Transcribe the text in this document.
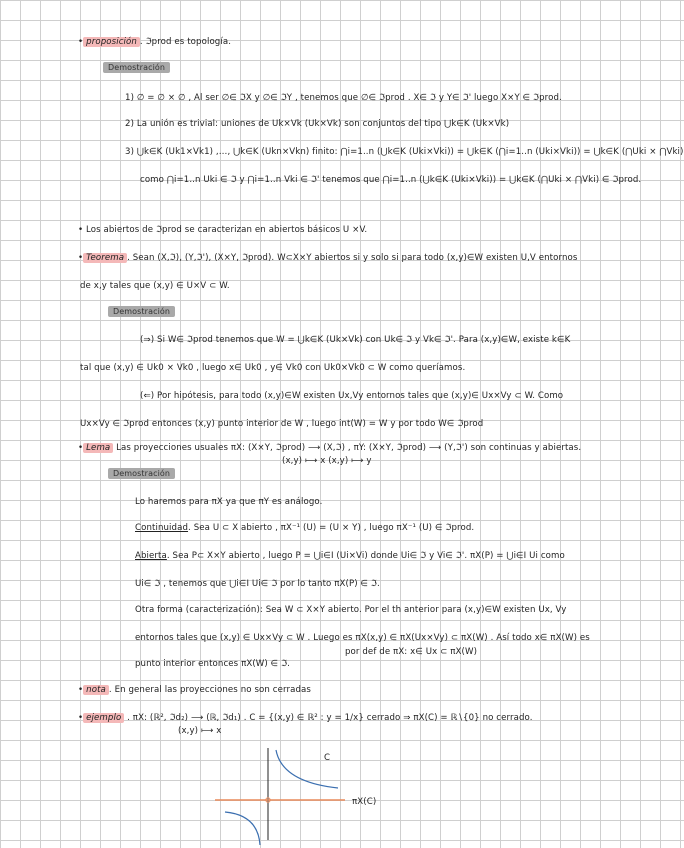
• proposición . ℑprod es topología.
Demostración
1) ∅ = ∅ × ∅ , Al ser ∅∈ ℑX y ∅∈ ℑY , tenemos que ∅∈ ℑprod . X∈ ℑ y Y∈ ℑ' luego X×Y ∈ ℑprod.
2) La unión es trivial: uniones de Uk×Vk (Uk×Vk) son conjuntos del tipo ⋃k∈K (Uk×Vk)
3) ⋃k∈K (Uk1×Vk1) ,…, ⋃k∈K (Ukn×Vkn) finito: ⋂i=1..n (⋃k∈K (Uki×Vki)) = ⋃k∈K (⋂i=1..n (Uki×Vki)) = ⋃k∈K (⋂Uki × ⋂Vki)
como ⋂i=1..n Uki ∈ ℑ y ⋂i=1..n Vki ∈ ℑ' tenemos que ⋂i=1..n (⋃k∈K (Uki×Vki)) = ⋃k∈K (⋂Uki × ⋂Vki) ∈ ℑprod.
• Los abiertos de ℑprod se caracterizan en abiertos básicos U ×V.
• Teorema . Sean (X,ℑ), (Y,ℑ'), (X×Y, ℑprod). W⊂X×Y abiertos si y solo si para todo (x,y)∈W existen U,V entornos
de x,y tales que (x,y) ∈ U×V ⊂ W.
Demostración
(⇒) Si W∈ ℑprod tenemos que W = ⋃k∈K (Uk×Vk) con Uk∈ ℑ y Vk∈ ℑ'. Para (x,y)∈W, existe k∈K
tal que (x,y) ∈ Uk0 × Vk0 , luego x∈ Uk0 , y∈ Vk0 con Uk0×Vk0 ⊂ W como queríamos.
(⇐) Por hipótesis, para todo (x,y)∈W existen Ux,Vy entornos tales que (x,y)∈ Ux×Vy ⊂ W. Como
Ux×Vy ∈ ℑprod entonces (x,y) punto interior de W , luego int(W) = W y por todo W∈ ℑprod
• Lema Las proyecciones usuales πX: (X×Y, ℑprod) ⟶ (X,ℑ) , πY: (X×Y, ℑprod) ⟶ (Y,ℑ') son continuas y abiertas.
(x,y) ⟼ x (x,y) ⟼ y
Demostración
Lo haremos para πX ya que πY es análogo.
Continuidad. Sea U ⊂ X abierto , πX⁻¹ (U) = (U × Y) , luego πX⁻¹ (U) ∈ ℑprod.
Abierta. Sea P⊂ X×Y abierto , luego P = ⋃i∈I (Ui×Vi) donde Ui∈ ℑ y Vi∈ ℑ'. πX(P) = ⋃i∈I Ui como
Ui∈ ℑ , tenemos que ⋃i∈I Ui∈ ℑ por lo tanto πX(P) ∈ ℑ.
Otra forma (caracterización): Sea W ⊂ X×Y abierto. Por el th anterior para (x,y)∈W existen Ux, Vy
entornos tales que (x,y) ∈ Ux×Vy ⊂ W . Luego es πX(x,y) ∈ πX(Ux×Vy) ⊂ πX(W) . Así todo x∈ πX(W) es
por def de πX: x∈ Ux ⊂ πX(W)
punto interior entonces πX(W) ∈ ℑ.
• nota . En general las proyecciones no son cerradas
• ejemplo . πX: (ℝ², ℑd₂) ⟶ (ℝ, ℑd₁) . C = {(x,y) ∈ ℝ² : y = 1/x} cerrado ⇒ πX(C) = ℝ∖{0} no cerrado.
(x,y) ⟼ x
C
πX(C)
